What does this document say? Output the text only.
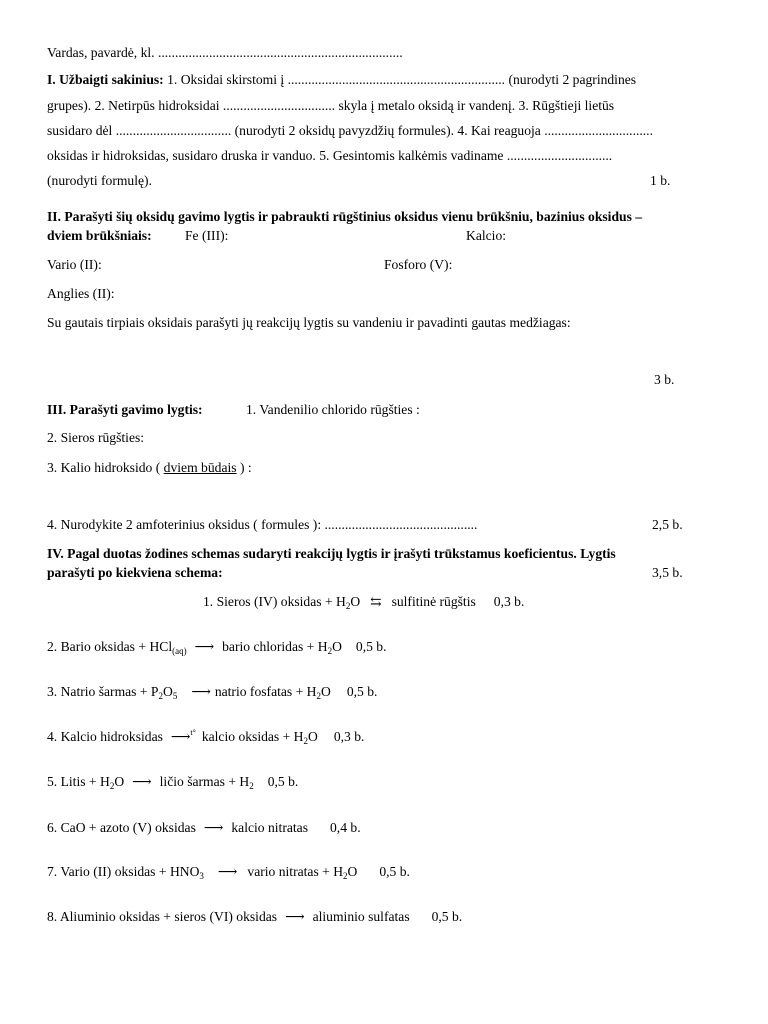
Vardas, pavardė, kl. ........................................................................
I. Užbaigti sakinius: 1. Oksidai skirstomi į ................................................................ (nurodyti 2 pagrindines
grupes). 2. Netirpūs hidroksidai ................................. skyla į metalo oksidą ir vandenį. 3. Rūgštieji lietūs
susidaro dėl .................................. (nurodyti 2 oksidų pavyzdžių formules). 4. Kai reaguoja ................................
oksidas ir hidroksidas, susidaro druska ir vanduo. 5. Gesintomis kalkėmis vadiname ...............................
(nurodyti formulę).	1 b.
II. Parašyti šių oksidų gavimo lygtis ir pabraukti rūgštinius oksidus vienu brūkšniu, bazinius oksidus –
dviem brūkšniais: Fe (III):	Kalcio:
Vario (II):	Fosforo (V):
Anglies (II):
Su gautais tirpiais oksidais parašyti jų reakcijų lygtis su vandeniu ir pavadinti gautas medžiagas:
3 b.
III. Parašyti gavimo lygtis:	1. Vandenilio chlorido rūgšties :
2. Sieros rūgšties:
3. Kalio hidroksido ( dviem būdais ) :
4. Nurodykite 2 amfoterinius oksidus ( formules ): .............................................	2,5 b.
IV. Pagal duotas žodines schemas sudaryti reakcijų lygtis ir įrašyti trūkstamus koeficientus. Lygtis
parašyti po kiekviena schema:	3,5 b.
1. Sieros (IV) oksidas + $H_2O$ ⇆ sulfitinė rūgštis 0,3 b.
2. Bario oksidas + HCl$_{(aq)}$ ⟶ bario chloridas + $H_2O$ 0,5 b.
3. Natrio šarmas + $P_2O_5$ ⟶ natrio fosfatas + $H_2O$ 0,5 b.
4. Kalcio hidroksidas ⟶$^{t^\circ}$ kalcio oksidas + $H_2O$ 0,3 b.
5. Litis + $H_2O$ ⟶ ličio šarmas + $H_2$ 0,5 b.
6. CaO + azoto (V) oksidas ⟶ kalcio nitratas 0,4 b.
7. Vario (II) oksidas + $HNO_3$ ⟶ vario nitratas + $H_2O$ 0,5 b.
8. Aliuminio oksidas + sieros (VI) oksidas ⟶ aliuminio sulfatas 0,5 b.
